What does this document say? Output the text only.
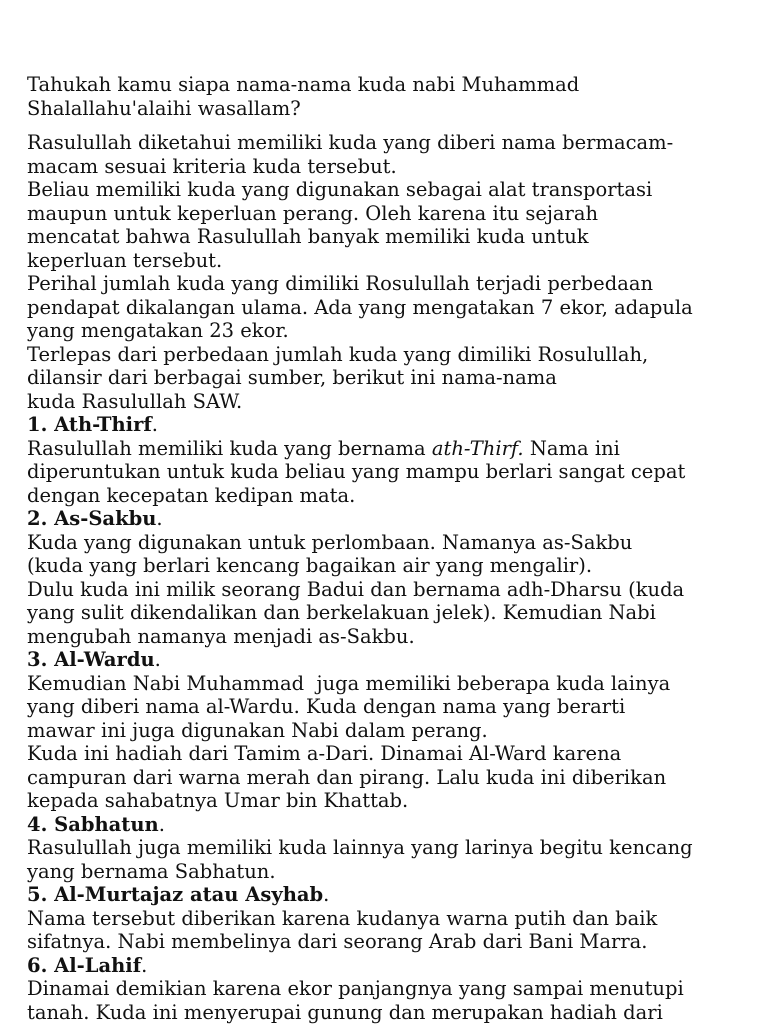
Tahukah kamu siapa nama-nama kuda nabi Muhammad
Shalallahu'alaihi wasallam?
Rasulullah diketahui memiliki kuda yang diberi nama bermacam-
macam sesuai kriteria kuda tersebut.
Beliau memiliki kuda yang digunakan sebagai alat transportasi
maupun untuk keperluan perang. Oleh karena itu sejarah
mencatat bahwa Rasulullah banyak memiliki kuda untuk
keperluan tersebut.
Perihal jumlah kuda yang dimiliki Rosulullah terjadi perbedaan
pendapat dikalangan ulama. Ada yang mengatakan 7 ekor, adapula
yang mengatakan 23 ekor.
Terlepas dari perbedaan jumlah kuda yang dimiliki Rosulullah,
dilansir dari berbagai sumber, berikut ini nama-nama
kuda Rasulullah SAW.
1. Ath-Thirf.
Rasulullah memiliki kuda yang bernama ath-Thirf. Nama ini
diperuntukan untuk kuda beliau yang mampu berlari sangat cepat
dengan kecepatan kedipan mata.
2. As-Sakbu.
Kuda yang digunakan untuk perlombaan. Namanya as-Sakbu
(kuda yang berlari kencang bagaikan air yang mengalir).
Dulu kuda ini milik seorang Badui dan bernama adh-Dharsu (kuda
yang sulit dikendalikan dan berkelakuan jelek). Kemudian Nabi
mengubah namanya menjadi as-Sakbu.
3. Al-Wardu.
Kemudian Nabi Muhammad  juga memiliki beberapa kuda lainya
yang diberi nama al-Wardu. Kuda dengan nama yang berarti
mawar ini juga digunakan Nabi dalam perang.
Kuda ini hadiah dari Tamim a-Dari. Dinamai Al-Ward karena
campuran dari warna merah dan pirang. Lalu kuda ini diberikan
kepada sahabatnya Umar bin Khattab.
4. Sabhatun.
Rasulullah juga memiliki kuda lainnya yang larinya begitu kencang
yang bernama Sabhatun.
5. Al-Murtajaz atau Asyhab.
Nama tersebut diberikan karena kudanya warna putih dan baik
sifatnya. Nabi membelinya dari seorang Arab dari Bani Marra.
6. Al-Lahif.
Dinamai demikian karena ekor panjangnya yang sampai menutupi
tanah. Kuda ini menyerupai gunung dan merupakan hadiah dari
